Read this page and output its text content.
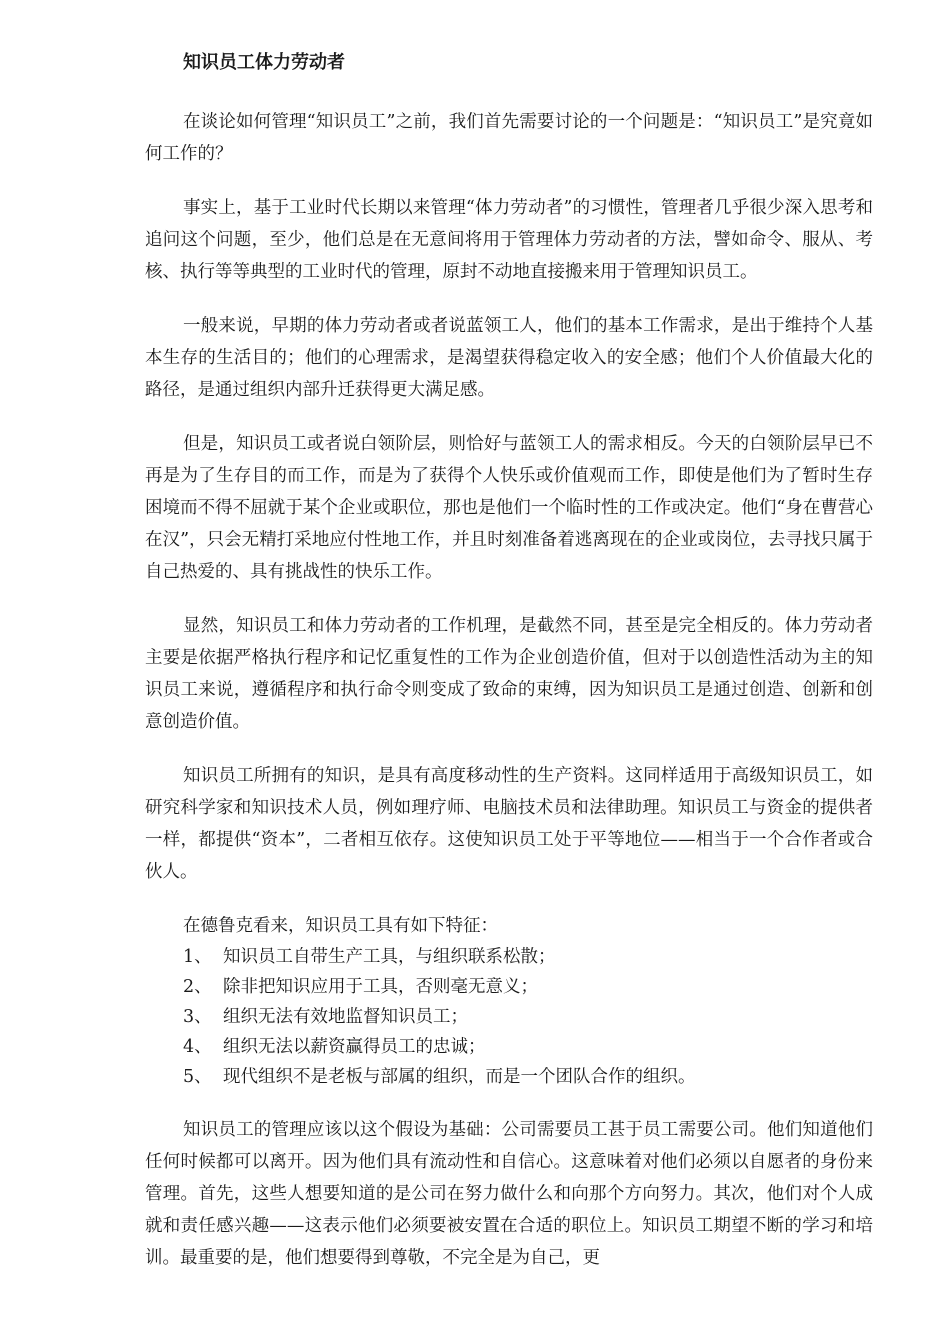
知识员工体力劳动者

在谈论如何管理“知识员工”之前，我们首先需要讨论的一个问题是：“知识员工”是究竟如何工作的？

事实上，基于工业时代长期以来管理“体力劳动者”的习惯性，管理者几乎很少深入思考和追问这个问题，至少，他们总是在无意间将用于管理体力劳动者的方法，譬如命令、服从、考核、执行等等典型的工业时代的管理，原封不动地直接搬来用于管理知识员工。

一般来说，早期的体力劳动者或者说蓝领工人，他们的基本工作需求，是出于维持个人基本生存的生活目的；他们的心理需求，是渴望获得稳定收入的安全感；他们个人价值最大化的路径，是通过组织内部升迁获得更大满足感。

但是，知识员工或者说白领阶层，则恰好与蓝领工人的需求相反。今天的白领阶层早已不再是为了生存目的而工作，而是为了获得个人快乐或价值观而工作，即使是他们为了暂时生存困境而不得不屈就于某个企业或职位，那也是他们一个临时性的工作或决定。他们“身在曹营心在汉”，只会无精打采地应付性地工作，并且时刻准备着逃离现在的企业或岗位，去寻找只属于自己热爱的、具有挑战性的快乐工作。

显然，知识员工和体力劳动者的工作机理，是截然不同，甚至是完全相反的。体力劳动者主要是依据严格执行程序和记忆重复性的工作为企业创造价值，但对于以创造性活动为主的知识员工来说，遵循程序和执行命令则变成了致命的束缚，因为知识员工是通过创造、创新和创意创造价值。

知识员工所拥有的知识，是具有高度移动性的生产资料。这同样适用于高级知识员工，如研究科学家和知识技术人员，例如理疗师、电脑技术员和法律助理。知识员工与资金的提供者一样，都提供“资本”，二者相互依存。这使知识员工处于平等地位——相当于一个合作者或合伙人。

在德鲁克看来，知识员工具有如下特征：

1、 知识员工自带生产工具，与组织联系松散；
2、 除非把知识应用于工具，否则毫无意义；
3、 组织无法有效地监督知识员工；
4、 组织无法以薪资赢得员工的忠诚；
5、 现代组织不是老板与部属的组织，而是一个团队合作的组织。

知识员工的管理应该以这个假设为基础：公司需要员工甚于员工需要公司。他们知道他们任何时候都可以离开。因为他们具有流动性和自信心。这意味着对他们必须以自愿者的身份来管理。首先，这些人想要知道的是公司在努力做什么和向那个方向努力。其次，他们对个人成就和责任感兴趣——这表示他们必须要被安置在合适的职位上。知识员工期望不断的学习和培训。最重要的是，他们想要得到尊敬，不完全是为自己，更
